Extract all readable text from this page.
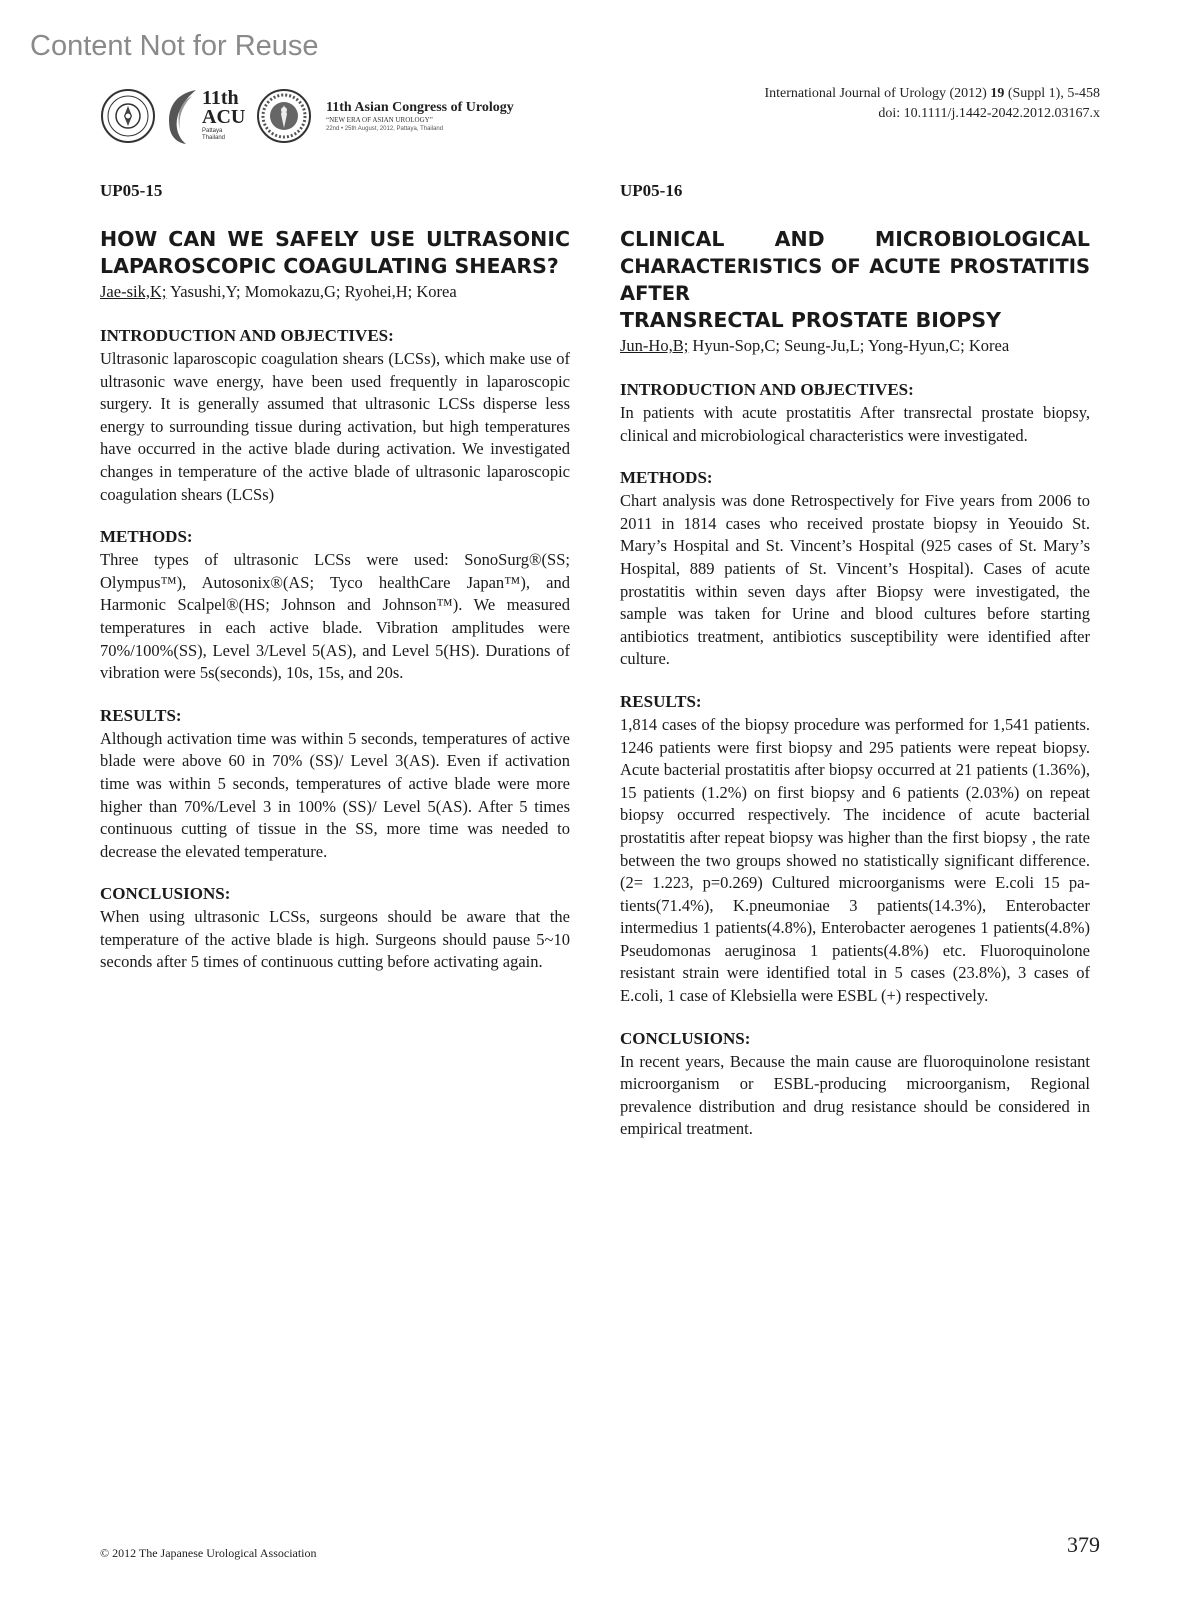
Content Not for Reuse
11th
ACU
Pattaya Thailand
11th Asian Congress of Urology
“NEW ERA OF ASIAN UROLOGY”
22nd • 25th August, 2012, Pattaya, Thailand
International Journal of Urology (2012) 19 (Suppl 1), 5-458
doi: 10.1111/j.1442-2042.2012.03167.x

UP05-15

HOW CAN WE SAFELY USE ULTRASONIC

LAPAROSCOPIC COAGULATING SHEARS?

Jae-sik,K; Yasushi,Y; Momokazu,G; Ryohei,H; Korea

INTRODUCTION AND OBJECTIVES:

Ultrasonic laparoscopic coagulation shears (LCSs), which make use of ultrasonic wave energy, have been used frequently in laparoscopic surgery. It is generally assumed that ultrasonic LCSs disperse less energy to surrounding tissue during activation, but high temperatures have occurred in the active blade during activation. We investigated changes in temperature of the active blade of ultrasonic laparoscopic coagulation shears (LCSs)

METHODS:

Three types of ultrasonic LCSs were used: SonoSurg®(SS; Olympus™), Autosonix®(AS; Tyco healthCare Japan™), and Harmonic Scalpel®(HS; Johnson and Johnson™). We measured temperatures in each active blade. Vibration amplitudes were 70%/100%(SS), Level 3/Level 5(AS), and Level 5(HS). Durations of vibration were 5s(seconds), 10s, 15s, and 20s.

RESULTS:

Although activation time was within 5 seconds, temperatures of active blade were above 60 in 70% (SS)/ Level 3(AS). Even if activation time was within 5 seconds, temperatures of active blade were more higher than 70%/Level 3 in 100% (SS)/ Level 5(AS). After 5 times continuous cutting of tissue in the SS, more time was needed to decrease the elevated temperature.

CONCLUSIONS:

When using ultrasonic LCSs, surgeons should be aware that the temperature of the active blade is high. Surgeons should pause 5~10 seconds after 5 times of continuous cutting before activating again.

UP05-16

CLINICAL AND MICROBIOLOGICAL

CHARACTERISTICS OF ACUTE PROSTATITIS AFTER

TRANSRECTAL PROSTATE BIOPSY

Jun-Ho,B; Hyun-Sop,C; Seung-Ju,L; Yong-Hyun,C; Korea

INTRODUCTION AND OBJECTIVES:

In patients with acute prostatitis After transrectal prostate biopsy, clinical and microbiological characteristics were investigated.

METHODS:

Chart analysis was done Retrospectively for Five years from 2006 to 2011 in 1814 cases who received prostate biopsy in Yeouido St. Mary’s Hospital and St. Vincent’s Hospital (925 cases of St. Mary’s Hospital, 889 patients of St. Vincent’s Hospital). Cases of acute prostatitis within seven days after Biopsy were investigated, the sample was taken for Urine and blood cultures before starting antibiotics treatment, antibiotics susceptibility were identified after culture.

RESULTS:

1,814 cases of the biopsy procedure was performed for 1,541 patients. 1246 patients were first biopsy and 295 patients were repeat biopsy. Acute bacterial prostatitis after biopsy occurred at 21 patients (1.36%), 15 patients (1.2%) on first biopsy and 6 patients (2.03%) on repeat biopsy occurred respectively. The incidence of acute bacterial prostatitis after repeat biopsy was higher than the first biopsy , the rate between the two groups showed no statistically significant difference. (2= 1.223, p=0.269) Cultured microorganisms were E.coli 15 patients(71.4%), K.pneumoniae 3 patients(14.3%), Enterobacter intermedius 1 patients(4.8%), Enterobacter aerogenes 1 patients(4.8%) Pseudomonas aeruginosa 1 patients(4.8%) etc. Fluoroquinolone resistant strain were identified total in 5 cases (23.8%), 3 cases of E.coli, 1 case of Klebsiella were ESBL (+) respectively.

CONCLUSIONS:

In recent years, Because the main cause are fluoroquinolone resistant microorganism or ESBL-producing microorganism, Regional prevalence distribution and drug resistance should be considered in empirical treatment.

© 2012 The Japanese Urological Association	379
